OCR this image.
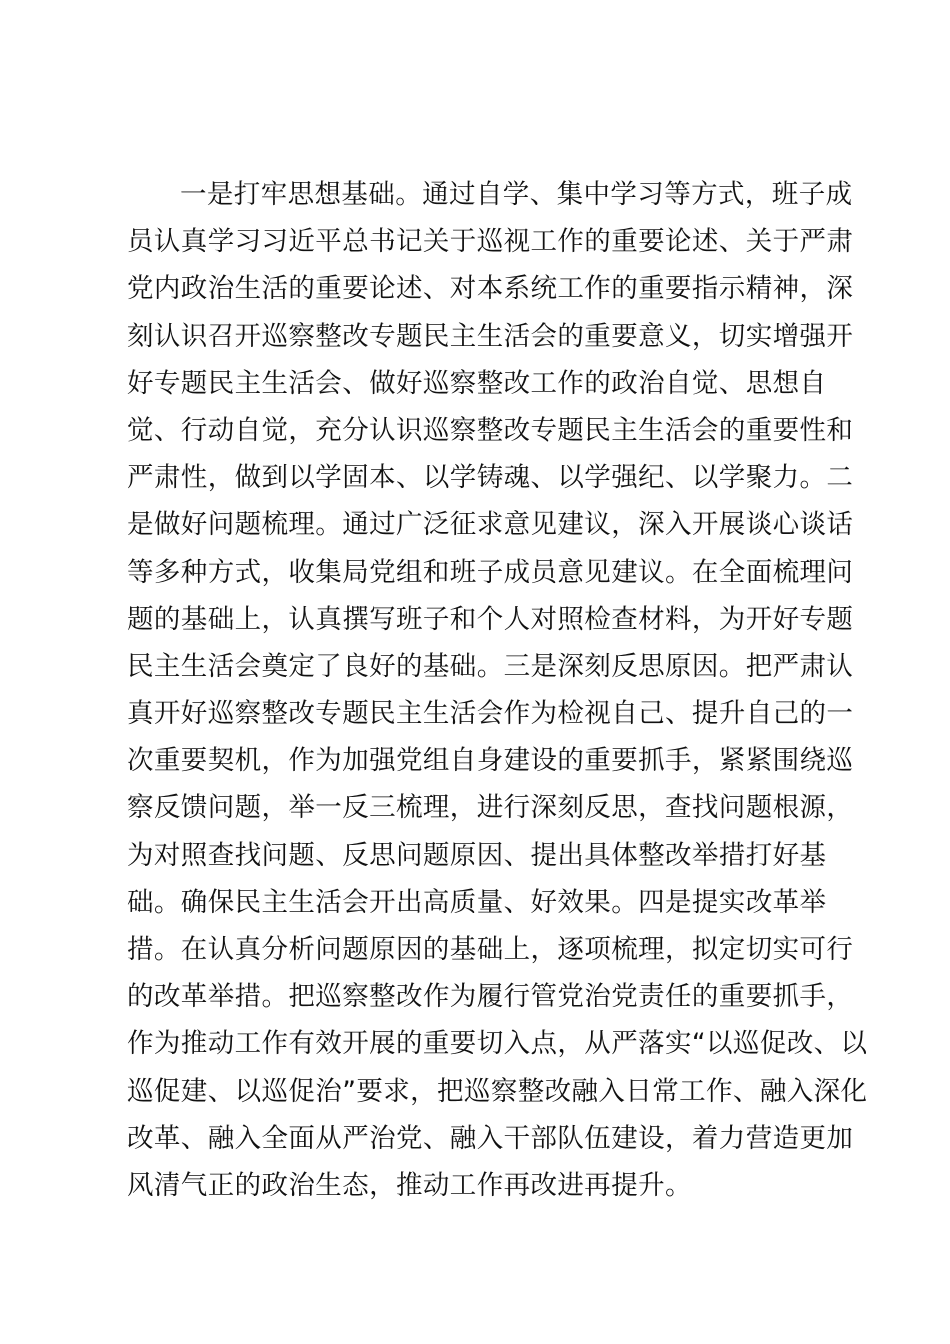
一是打牢思想基础。通过自学、集中学习等方式，班子成
员认真学习习近平总书记关于巡视工作的重要论述、关于严肃
党内政治生活的重要论述、对本系统工作的重要指示精神，深
刻认识召开巡察整改专题民主生活会的重要意义，切实增强开
好专题民主生活会、做好巡察整改工作的政治自觉、思想自
觉、行动自觉，充分认识巡察整改专题民主生活会的重要性和
严肃性，做到以学固本、以学铸魂、以学强纪、以学聚力。二
是做好问题梳理。通过广泛征求意见建议，深入开展谈心谈话
等多种方式，收集局党组和班子成员意见建议。在全面梳理问
题的基础上，认真撰写班子和个人对照检查材料，为开好专题
民主生活会奠定了良好的基础。三是深刻反思原因。把严肃认
真开好巡察整改专题民主生活会作为检视自己、提升自己的一
次重要契机，作为加强党组自身建设的重要抓手，紧紧围绕巡
察反馈问题，举一反三梳理，进行深刻反思，查找问题根源，
为对照查找问题、反思问题原因、提出具体整改举措打好基
础。确保民主生活会开出高质量、好效果。四是提实改革举
措。在认真分析问题原因的基础上，逐项梳理，拟定切实可行
的改革举措。把巡察整改作为履行管党治党责任的重要抓手，
作为推动工作有效开展的重要切入点，从严落实“以巡促改、以
巡促建、以巡促治”要求，把巡察整改融入日常工作、融入深化
改革、融入全面从严治党、融入干部队伍建设，着力营造更加
风清气正的政治生态，推动工作再改进再提升。
